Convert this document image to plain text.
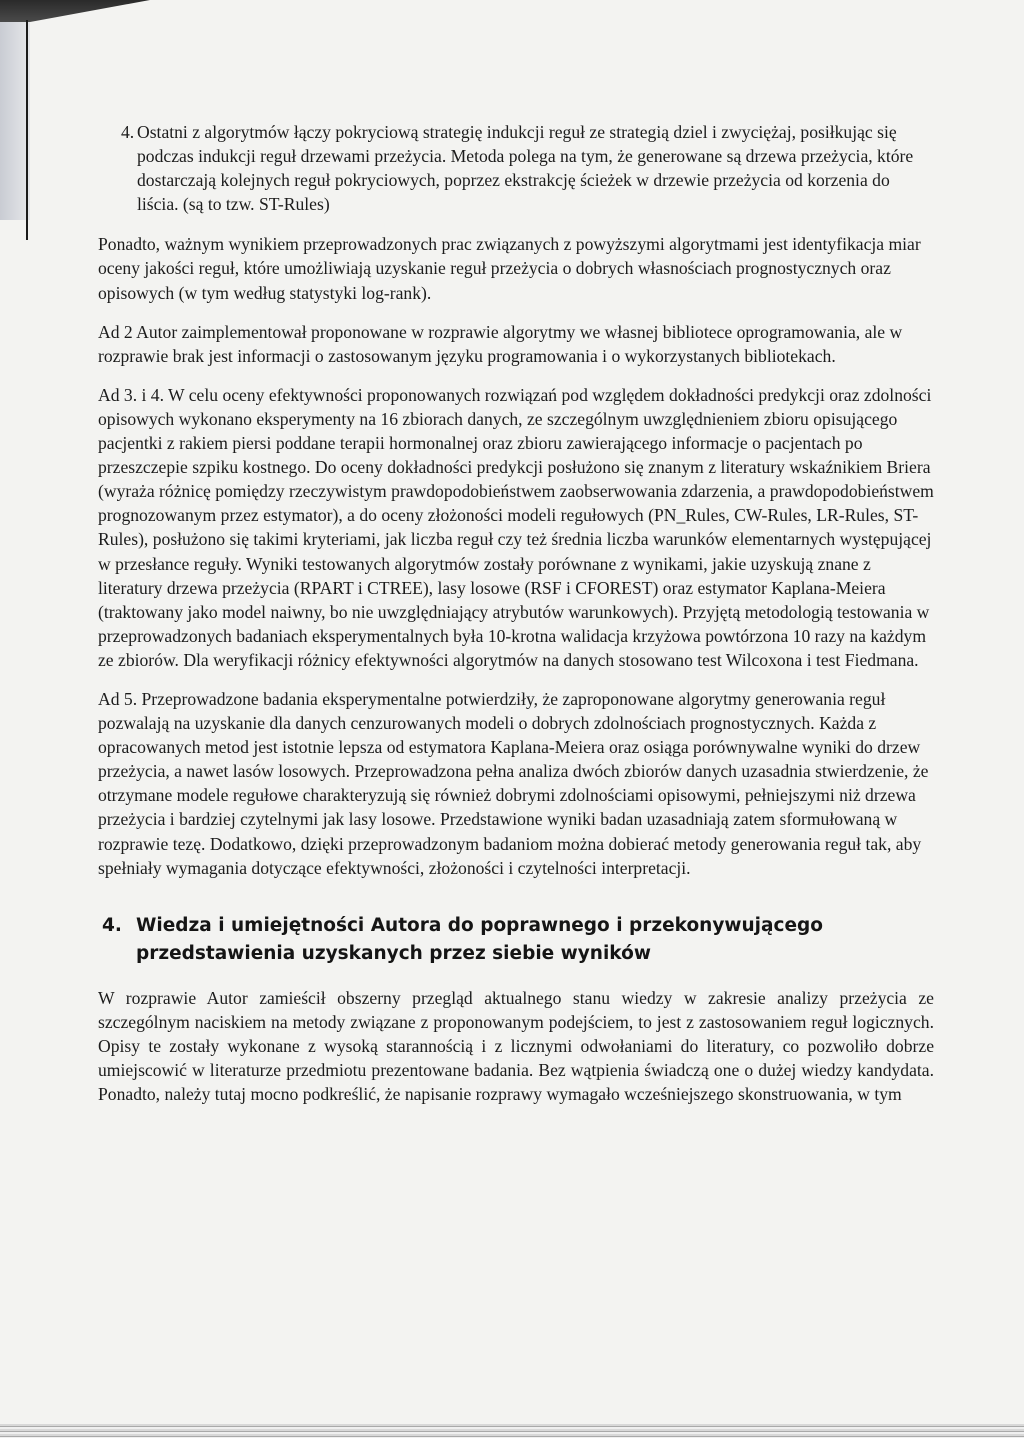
4. Ostatni z algorytmów łączy pokryciową strategię indukcji reguł ze strategią dziel i zwyciężaj, posiłkując się podczas indukcji reguł drzewami przeżycia. Metoda polega na tym, że generowane są drzewa przeżycia, które dostarczają kolejnych reguł pokryciowych, poprzez ekstrakcję ścieżek w drzewie przeżycia od korzenia do liścia. (są to tzw. ST-Rules)

Ponadto, ważnym wynikiem przeprowadzonych prac związanych z powyższymi algorytmami jest identyfikacja miar oceny jakości reguł, które umożliwiają uzyskanie reguł przeżycia o dobrych własnościach prognostycznych oraz opisowych (w tym według statystyki log-rank).

Ad 2 Autor zaimplementował proponowane w rozprawie algorytmy we własnej bibliotece oprogramowania, ale w rozprawie brak jest informacji o zastosowanym języku programowania i o wykorzystanych bibliotekach.

Ad 3. i 4. W celu oceny efektywności proponowanych rozwiązań pod względem dokładności predykcji oraz zdolności opisowych wykonano eksperymenty na 16 zbiorach danych, ze szczególnym uwzględnieniem zbioru opisującego pacjentki z rakiem piersi poddane terapii hormonalnej oraz zbioru zawierającego informacje o pacjentach po przeszczepie szpiku kostnego. Do oceny dokładności predykcji posłużono się znanym z literatury wskaźnikiem Briera (wyraża różnicę pomiędzy rzeczywistym prawdopodobieństwem zaobserwowania zdarzenia, a prawdopodobieństwem prognozowanym przez estymator), a do oceny złożoności modeli regułowych (PN_Rules, CW-Rules, LR-Rules, ST-Rules), posłużono się takimi kryteriami, jak liczba reguł czy też średnia liczba warunków elementarnych występującej w przesłance reguły. Wyniki testowanych algorytmów zostały porównane z wynikami, jakie uzyskują znane z literatury drzewa przeżycia (RPART i CTREE), lasy losowe (RSF i CFOREST) oraz estymator Kaplana-Meiera (traktowany jako model naiwny, bo nie uwzględniający atrybutów warunkowych). Przyjętą metodologią testowania w przeprowadzonych badaniach eksperymentalnych była 10-krotna walidacja krzyżowa powtórzona 10 razy na każdym ze zbiorów. Dla weryfikacji różnicy efektywności algorytmów na danych stosowano test Wilcoxona i test Fiedmana.

Ad 5. Przeprowadzone badania eksperymentalne potwierdziły, że zaproponowane algorytmy generowania reguł pozwalają na uzyskanie dla danych cenzurowanych modeli o dobrych zdolnościach prognostycznych. Każda z opracowanych metod jest istotnie lepsza od estymatora Kaplana-Meiera oraz osiąga porównywalne wyniki do drzew przeżycia, a nawet lasów losowych. Przeprowadzona pełna analiza dwóch zbiorów danych uzasadnia stwierdzenie, że otrzymane modele regułowe charakteryzują się również dobrymi zdolnościami opisowymi, pełniejszymi niż drzewa przeżycia i bardziej czytelnymi jak lasy losowe. Przedstawione wyniki badan uzasadniają zatem sformułowaną w rozprawie tezę. Dodatkowo, dzięki przeprowadzonym badaniom można dobierać metody generowania reguł tak, aby spełniały wymagania dotyczące efektywności, złożoności i czytelności interpretacji.

4. Wiedza i umiejętności Autora do poprawnego i przekonywującego przedstawienia uzyskanych przez siebie wyników

W rozprawie Autor zamieścił obszerny przegląd aktualnego stanu wiedzy w zakresie analizy przeżycia ze szczególnym naciskiem na metody związane z proponowanym podejściem, to jest z zastosowaniem reguł logicznych. Opisy te zostały wykonane z wysoką starannością i z licznymi odwołaniami do literatury, co pozwoliło dobrze umiejscowić w literaturze przedmiotu prezentowane badania. Bez wątpienia świadczą one o dużej wiedzy kandydata. Ponadto, należy tutaj mocno podkreślić, że napisanie rozprawy wymagało wcześniejszego skonstruowania, w tym
